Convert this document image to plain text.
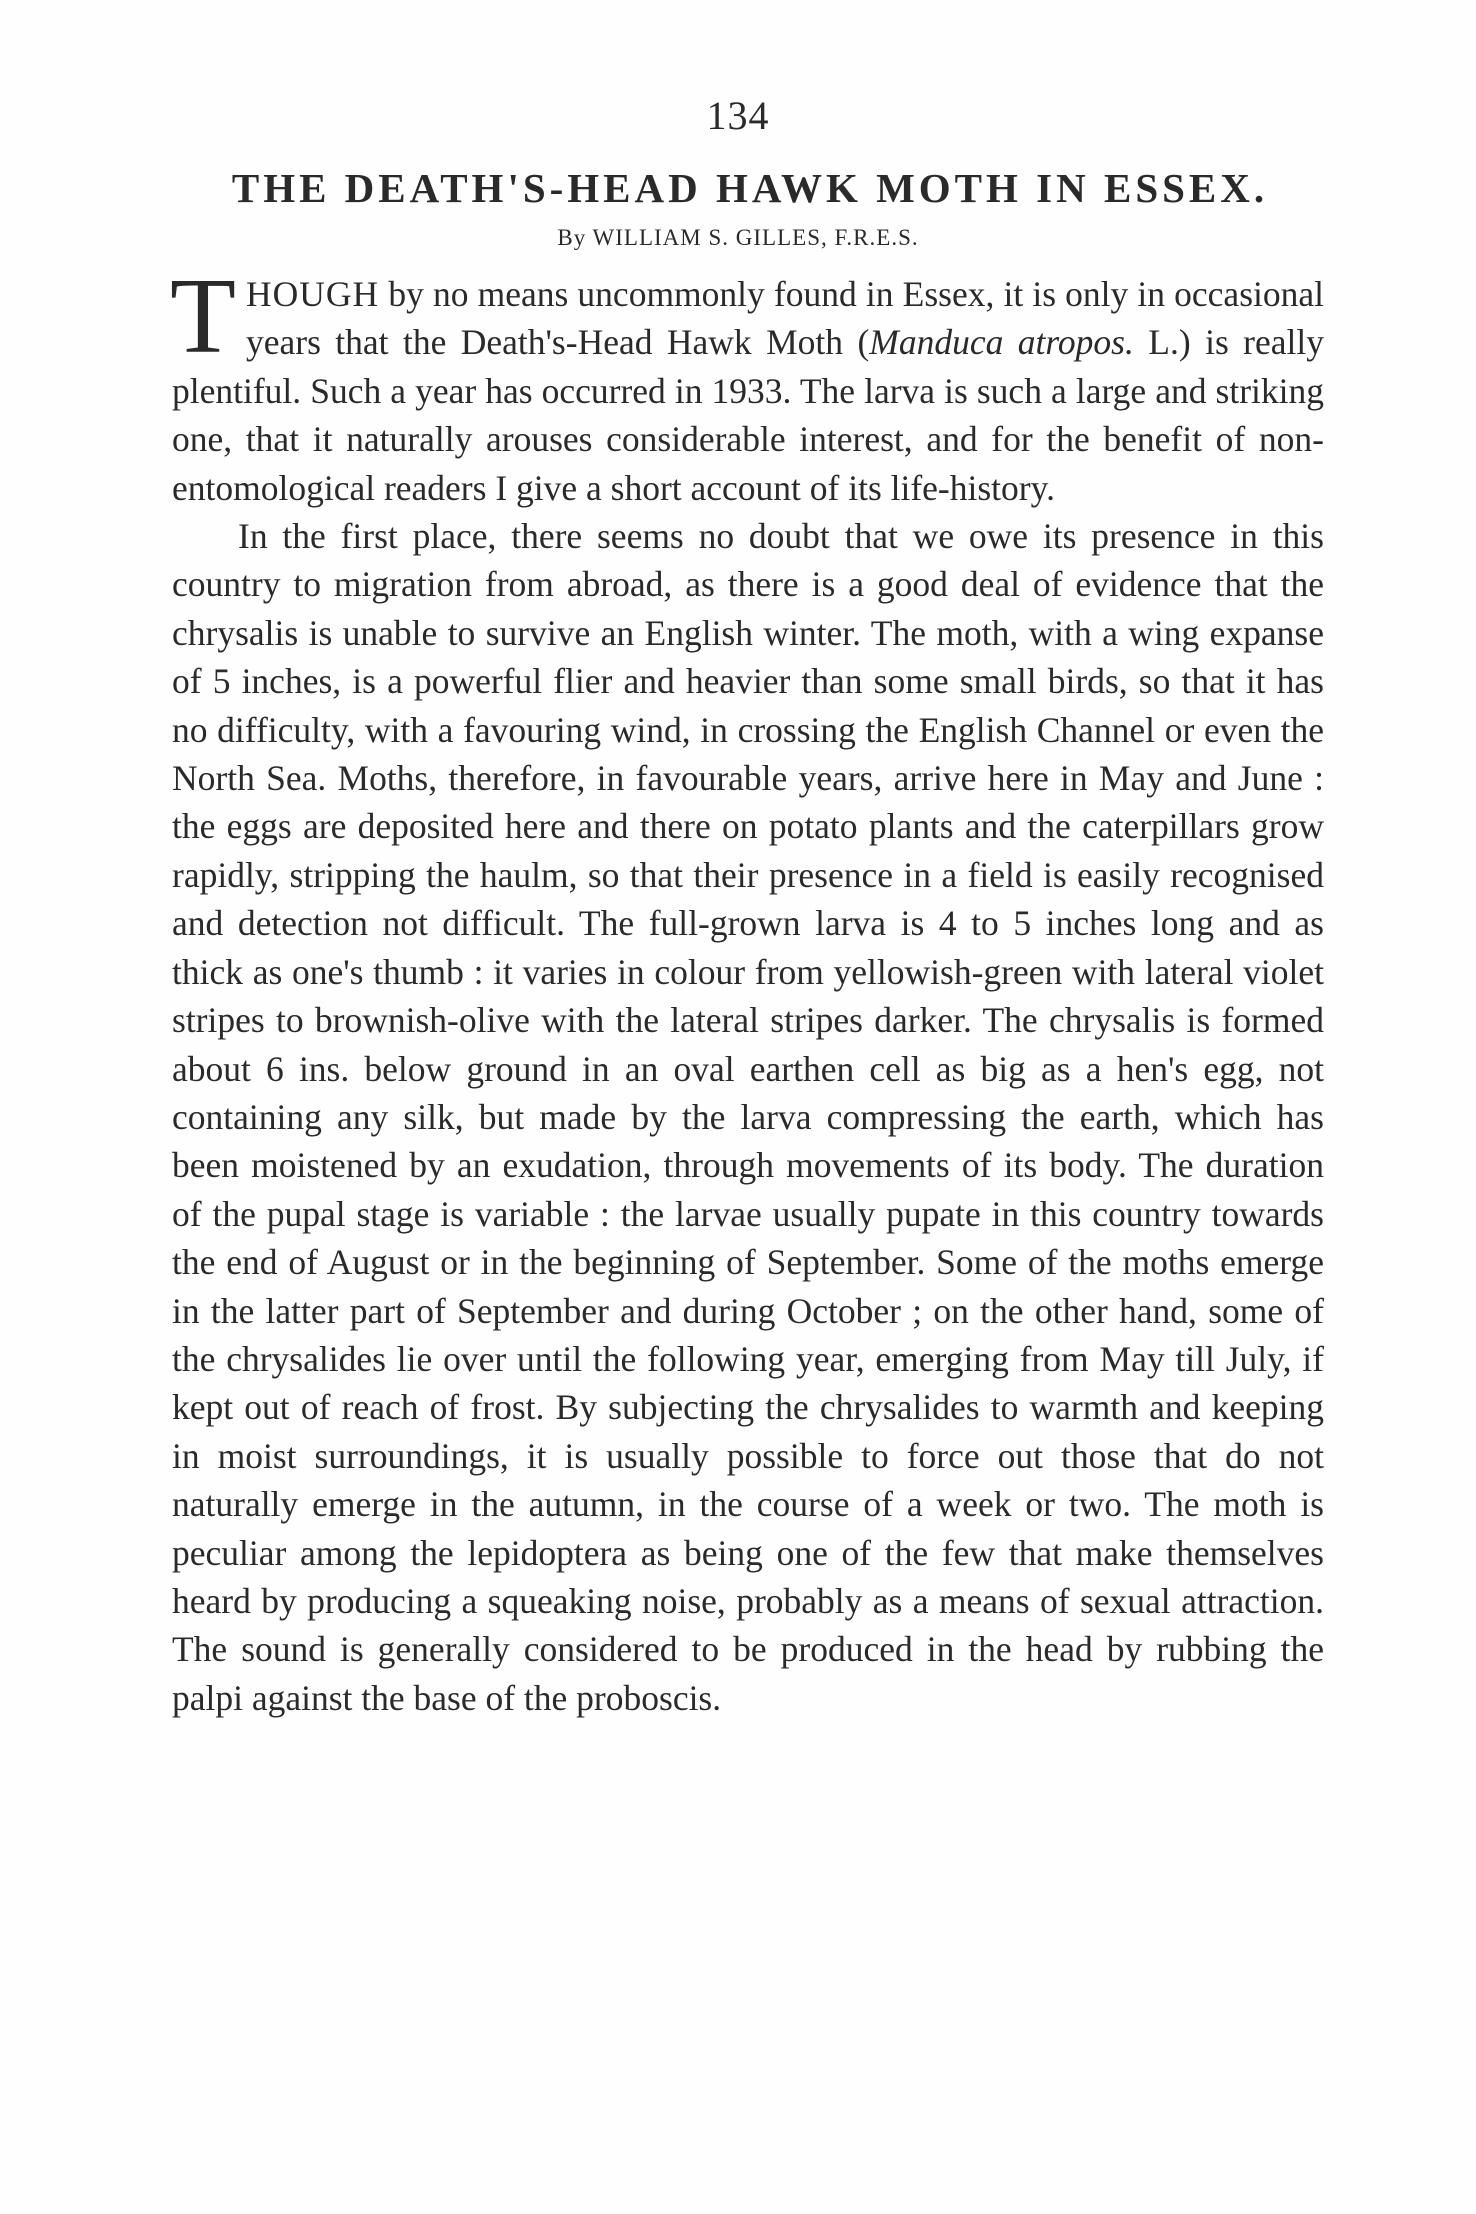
134
THE DEATH'S-HEAD HAWK MOTH IN ESSEX.
By WILLIAM S. GILLES, F.R.E.S.

THOUGH by no means uncommonly found in Essex, it is only in occasional years that the Death's-Head Hawk Moth (Manduca atropos. L.) is really plentiful. Such a year has occurred in 1933. The larva is such a large and striking one, that it naturally arouses considerable interest, and for the benefit of non-entomological readers I give a short account of its life-history.

In the first place, there seems no doubt that we owe its presence in this country to migration from abroad, as there is a good deal of evidence that the chrysalis is unable to survive an English winter. The moth, with a wing expanse of 5 inches, is a powerful flier and heavier than some small birds, so that it has no difficulty, with a favouring wind, in crossing the English Channel or even the North Sea. Moths, therefore, in favourable years, arrive here in May and June : the eggs are deposited here and there on potato plants and the caterpillars grow rapidly, stripping the haulm, so that their presence in a field is easily recognised and detection not difficult. The full-grown larva is 4 to 5 inches long and as thick as one's thumb : it varies in colour from yellowish-green with lateral violet stripes to brownish-olive with the lateral stripes darker. The chrysalis is formed about 6 ins. below ground in an oval earthen cell as big as a hen's egg, not containing any silk, but made by the larva compressing the earth, which has been moistened by an exudation, through movements of its body. The duration of the pupal stage is variable : the larvae usually pupate in this country towards the end of August or in the beginning of September. Some of the moths emerge in the latter part of September and during October ; on the other hand, some of the chrysalides lie over until the following year, emerging from May till July, if kept out of reach of frost. By subjecting the chrysalides to warmth and keeping in moist surroundings, it is usually possible to force out those that do not naturally emerge in the autumn, in the course of a week or two. The moth is peculiar among the lepidoptera as being one of the few that make themselves heard by producing a squeaking noise, probably as a means of sexual attraction. The sound is generally considered to be produced in the head by rubbing the palpi against the base of the proboscis.
